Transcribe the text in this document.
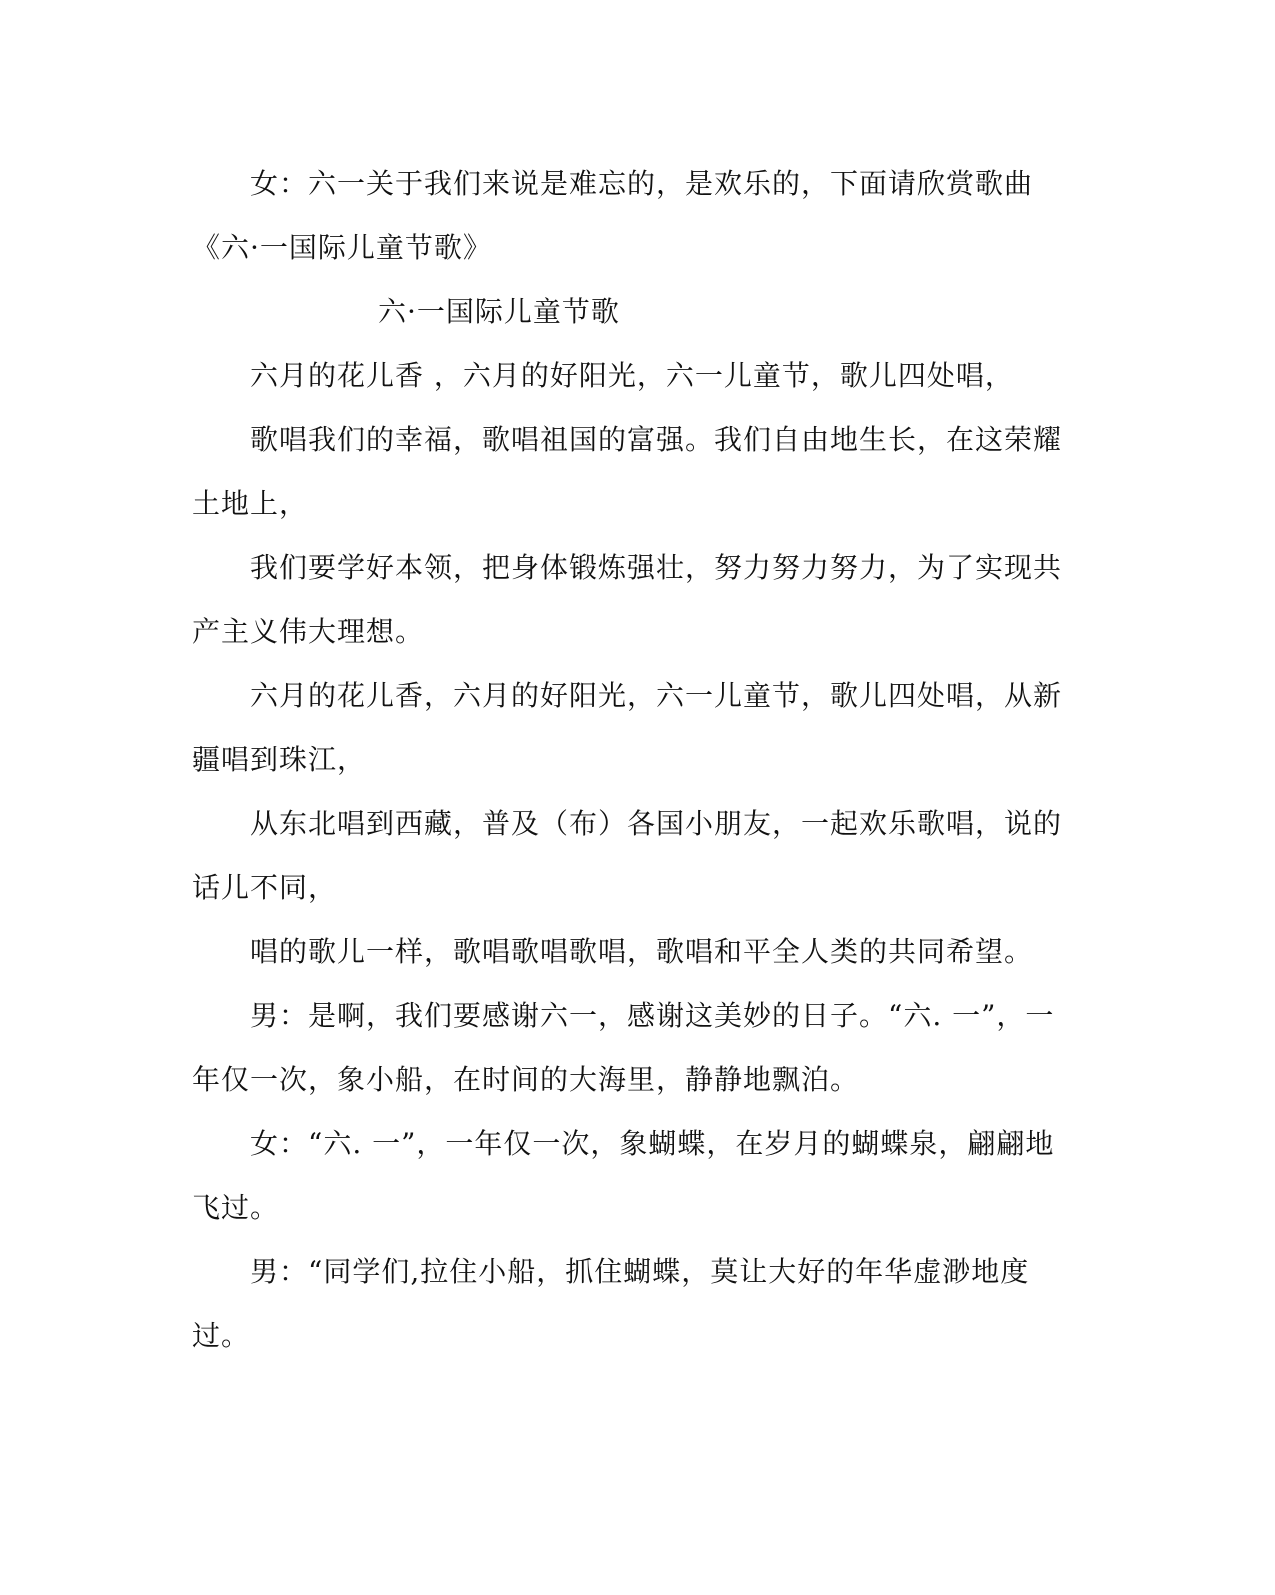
女：六一关于我们来说是难忘的，是欢乐的，下面请欣赏歌曲《六·一国际儿童节歌》

六·一国际儿童节歌

六月的花儿香 ，六月的好阳光，六一儿童节，歌儿四处唱，

歌唱我们的幸福，歌唱祖国的富强。我们自由地生长，在这荣耀土地上，

我们要学好本领，把身体锻炼强壮，努力努力努力，为了实现共产主义伟大理想。

六月的花儿香，六月的好阳光，六一儿童节，歌儿四处唱，从新疆唱到珠江，

从东北唱到西藏，普及（布）各国小朋友，一起欢乐歌唱，说的话儿不同，

唱的歌儿一样，歌唱歌唱歌唱，歌唱和平全人类的共同希望。

男：是啊，我们要感谢六一，感谢这美妙的日子。“六. 一”，一年仅一次，象小船，在时间的大海里，静静地飘泊。

女：“六. 一”，一年仅一次，象蝴蝶，在岁月的蝴蝶泉，翩翩地飞过。

男：“同学们,拉住小船，抓住蝴蝶，莫让大好的年华虚渺地度过。
